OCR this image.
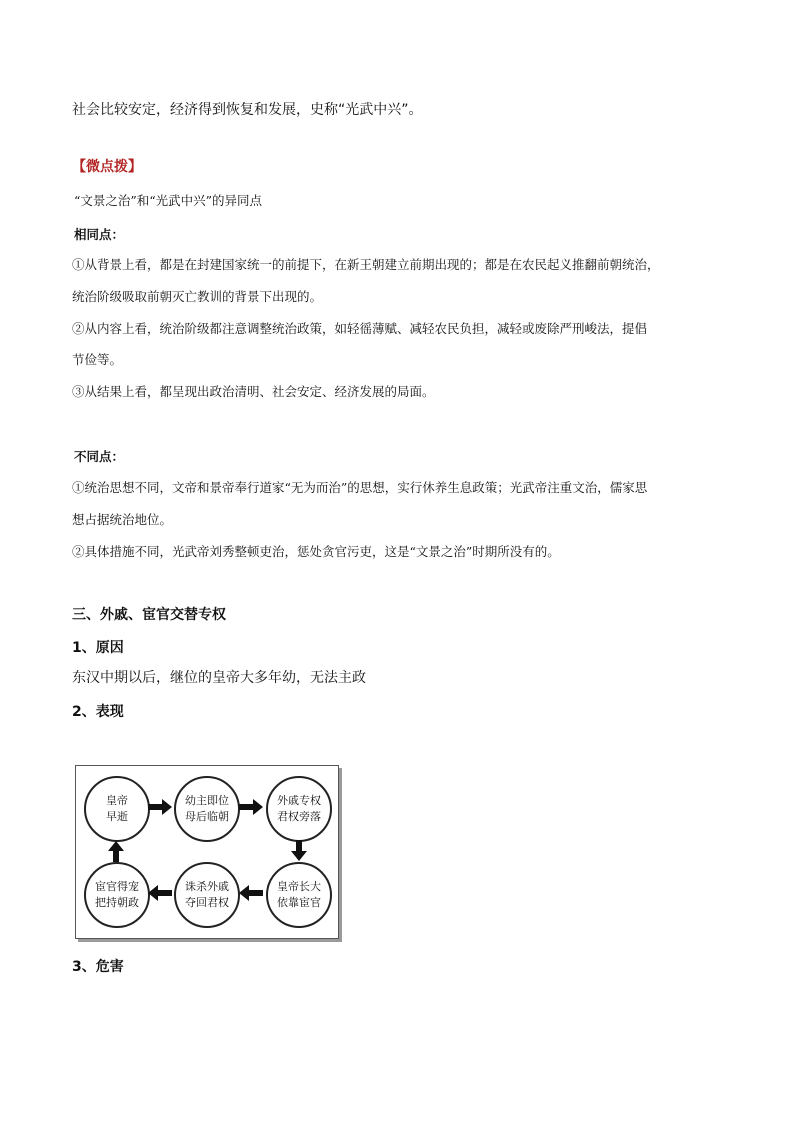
社会比较安定，经济得到恢复和发展，史称“光武中兴”。
【微点拨】
“文景之治”和“光武中兴”的异同点
相同点：
①从背景上看，都是在封建国家统一的前提下，在新王朝建立前期出现的；都是在农民起义推翻前朝统治，
统治阶级吸取前朝灭亡教训的背景下出现的。
②从内容上看，统治阶级都注意调整统治政策，如轻徭薄赋、减轻农民负担，减轻或废除严刑峻法，提倡
节俭等。
③从结果上看，都呈现出政治清明、社会安定、经济发展的局面。
不同点：
①统治思想不同，文帝和景帝奉行道家“无为而治”的思想，实行休养生息政策；光武帝注重文治，儒家思
想占据统治地位。
②具体措施不同，光武帝刘秀整顿吏治，惩处贪官污吏，这是“文景之治”时期所没有的。
三、外戚、宦官交替专权
1、原因
东汉中期以后，继位的皇帝大多年幼，无法主政
2、表现
皇帝
早逝
幼主即位
母后临朝
外戚专权
君权旁落
宦官得宠
把持朝政
诛杀外戚
夺回君权
皇帝长大
依靠宦官
3、危害
